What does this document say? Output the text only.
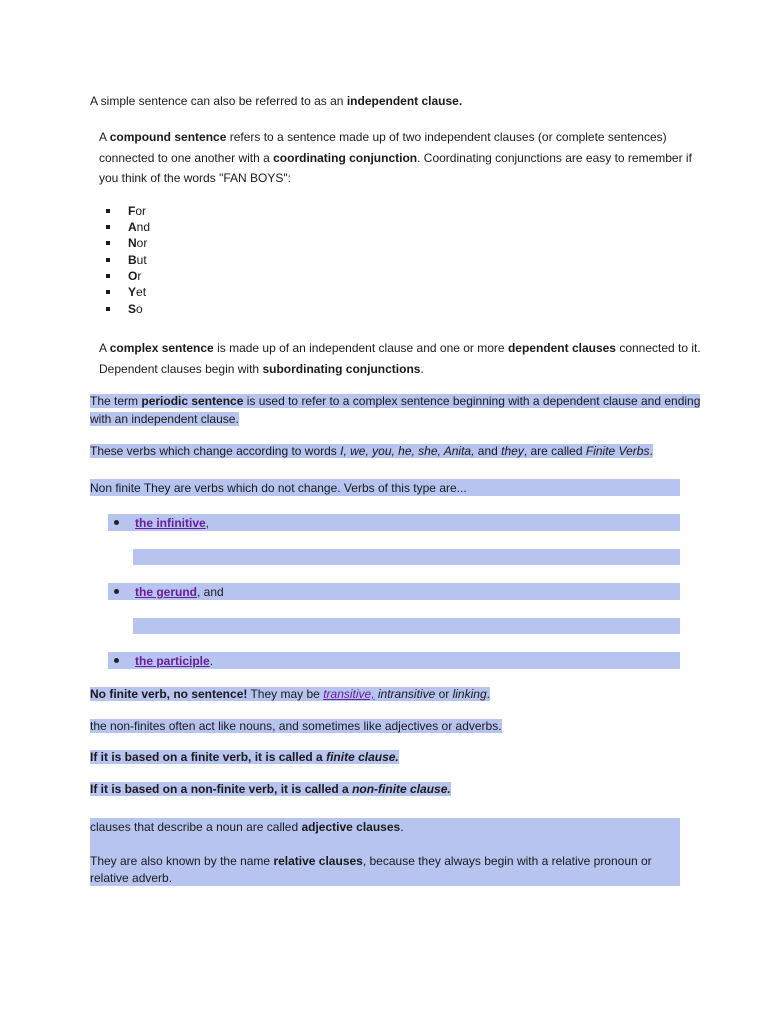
A simple sentence can also be referred to as an independent clause.
A compound sentence refers to a sentence made up of two independent clauses (or complete sentences)
connected to one another with a coordinating conjunction. Coordinating conjunctions are easy to remember if
you think of the words "FAN BOYS":
For
And
Nor
But
Or
Yet
So
A complex sentence is made up of an independent clause and one or more dependent clauses connected to it.
Dependent clauses begin with subordinating conjunctions.
The term periodic sentence is used to refer to a complex sentence beginning with a dependent clause and ending
with an independent clause.
These verbs which change according to words I, we, you, he, she, Anita, and they, are called Finite Verbs.
Non finite They are verbs which do not change. Verbs of this type are...
the infinitive,
the gerund, and
the participle.
No finite verb, no sentence! They may be transitive, intransitive or linking.
the non-finites often act like nouns, and sometimes like adjectives or adverbs.
If it is based on a finite verb, it is called a finite clause.
If it is based on a non-finite verb, it is called a non-finite clause.
clauses that describe a noun are called adjective clauses.
They are also known by the name relative clauses, because they always begin with a relative pronoun or
relative adverb.
